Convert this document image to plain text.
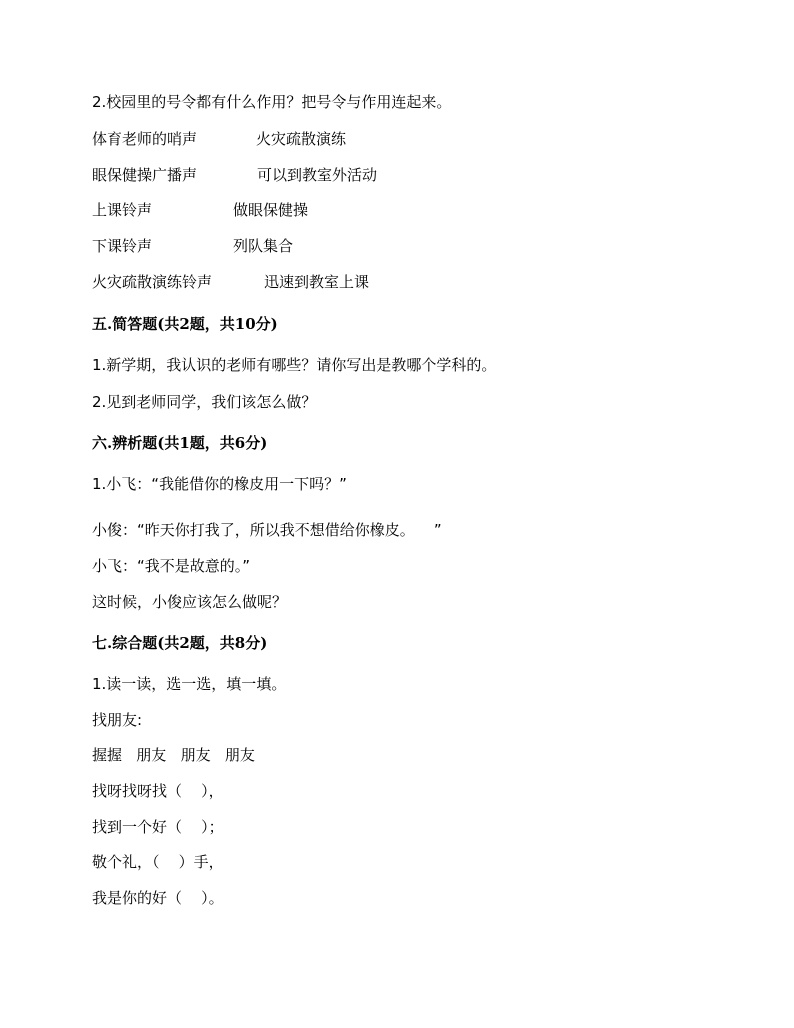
2.校园里的号令都有什么作用？把号令与作用连起来。
体育老师的哨声	火灾疏散演练
眼保健操广播声	可以到教室外活动
上课铃声	做眼保健操
下课铃声	列队集合
火灾疏散演练铃声	迅速到教室上课
五.简答题(共2题，共10分)
1.新学期，我认识的老师有哪些？请你写出是教哪个学科的。
2.见到老师同学，我们该怎么做？
六.辨析题(共1题，共6分)
1.小飞：“我能借你的橡皮用一下吗？”
小俊：“昨天你打我了，所以我不想借给你橡皮。    ”
小飞：“我不是故意的。”
这时候，小俊应该怎么做呢？
七.综合题(共2题，共8分)
1.读一读，选一选，填一填。
找朋友:
握握   朋友   朋友   朋友
找呀找呀找（    ），
找到一个好（    ）；
敬个礼，（    ）手，
我是你的好（    ）。
